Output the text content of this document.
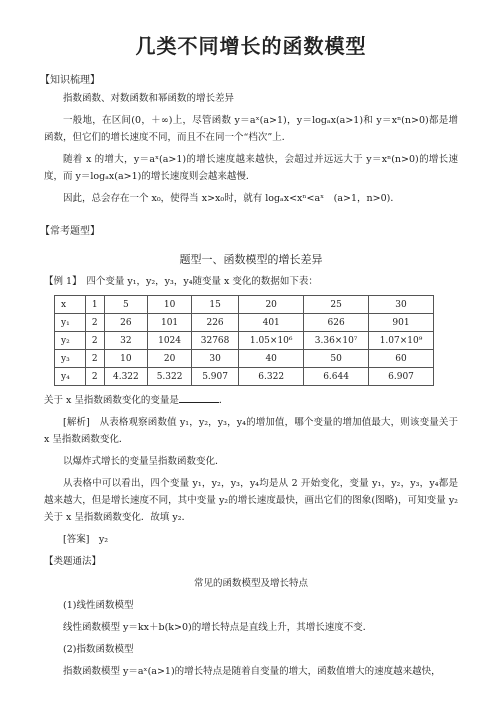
几类不同增长的函数模型
【知识梳理】

指数函数、对数函数和幂函数的增长差异

一般地，在区间(0，＋∞)上，尽管函数 y＝aˣ(a>1)，y＝logₐx(a>1)和 y＝xⁿ(n>0)都是增函数，但它们的增长速度不同，而且不在同一个“档次”上．

随着 x 的增大，y＝aˣ(a>1)的增长速度越来越快，会超过并远远大于 y＝xⁿ(n>0)的增长速度，而 y＝logₐx(a>1)的增长速度则会越来越慢．

因此，总会存在一个 x₀，使得当 x>x₀时，就有 logₐx<xⁿ<aˣ　(a>1，n>0)．

【常考题型】
题型一、函数模型的增长差异

【例 1】　四个变量 y₁，y₂，y₃，y₄随变量 x 变化的数据如下表：

x	1	5	10	15	20	25	30
y₁	2	26	101	226	401	626	901
y₂	2	32	1024	32768	1.05×10⁶	3.36×10⁷	1.07×10⁹
y₃	2	10	20	30	40	50	60
y₄	2	4.322	5.322	5.907	6.322	6.644	6.907

关于 x 呈指数函数变化的变量是	．

[解析]　从表格观察函数值 y₁，y₂，y₃，y₄的增加值，哪个变量的增加值最大，则该变量关于 x 呈指数函数变化．

以爆炸式增长的变量呈指数函数变化．

从表格中可以看出，四个变量 y₁，y₂，y₃，y₄均是从 2 开始变化，变量 y₁，y₂，y₃，y₄都是越来越大，但是增长速度不同，其中变量 y₂的增长速度最快，画出它们的图象(图略)，可知变量 y₂关于 x 呈指数函数变化．故填 y₂．

[答案]　y₂

【类题通法】

常见的函数模型及增长特点

(1)线性函数模型

线性函数模型 y＝kx＋b(k>0)的增长特点是直线上升，其增长速度不变．

(2)指数函数模型

指数函数模型 y＝aˣ(a>1)的增长特点是随着自变量的增大，函数值增大的速度越来越快，
